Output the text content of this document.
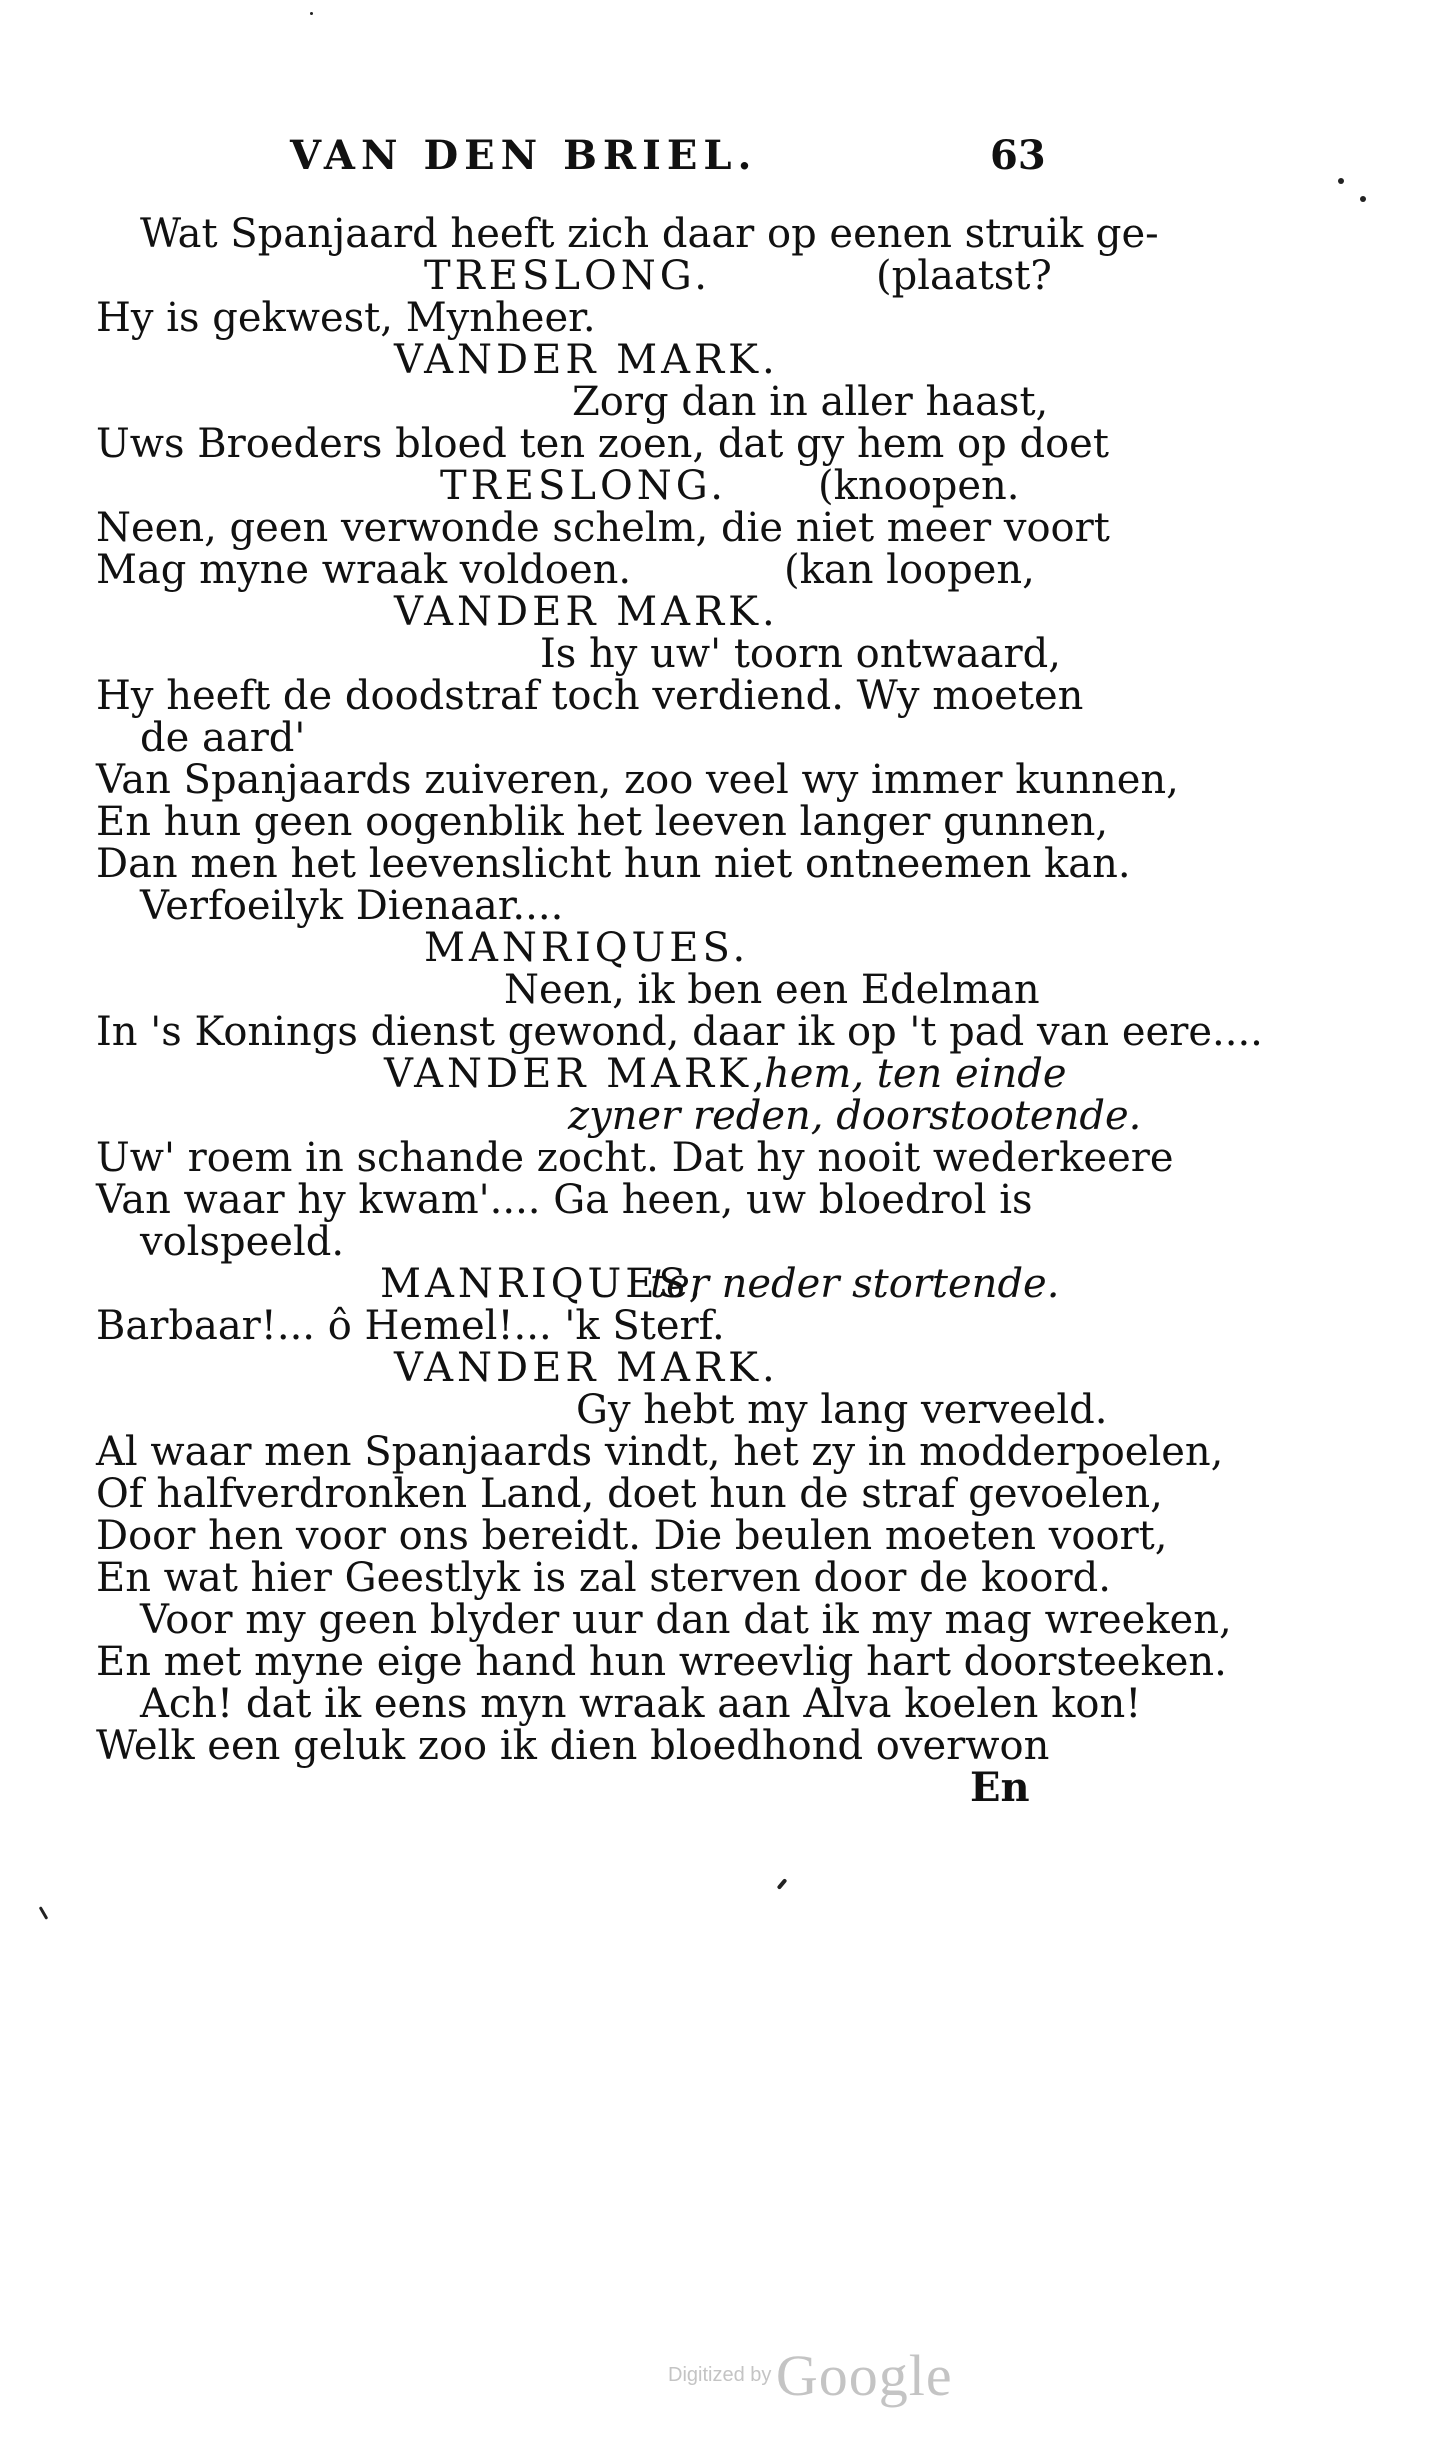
VAN DEN BRIEL.	63
Wat Spanjaard heeft zich daar op eenen struik ge-
TRESLONG.	(plaatst?
Hy is gekwest, Mynheer.
VANDER MARK.
Zorg dan in aller haast,
Uws Broeders bloed ten zoen, dat gy hem op doet
TRESLONG. (knoopen.
Neen, geen verwonde schelm, die niet meer voort
Mag myne wraak voldoen.	(kan loopen,
VANDER MARK.
Is hy uw' toorn ontwaard,
Hy heeft de doodstraf toch verdiend. Wy moeten
de aard'
Van Spanjaards zuiveren, zoo veel wy immer kunnen,
En hun geen oogenblik het leeven langer gunnen,
Dan men het leevenslicht hun niet ontneemen kan.
Verfoeilyk Dienaar....
MANRIQUES.
Neen, ik ben een Edelman
In 's Konings dienst gewond, daar ik op 't pad van eere....
VANDER MARK,
hem, ten einde
zyner reden, doorstootende.
Uw' roem in schande zocht. Dat hy nooit wederkeere
Van waar hy kwam'.... Ga heen, uw bloedrol is
volspeeld.
MANRIQUES,
ter neder stortende.
Barbaar!... ô Hemel!... 'k Sterf.
VANDER MARK.
Gy hebt my lang verveeld.
Al waar men Spanjaards vindt, het zy in modderpoelen,
Of halfverdronken Land, doet hun de straf gevoelen,
Door hen voor ons bereidt. Die beulen moeten voort,
En wat hier Geestlyk is zal sterven door de koord.
Voor my geen blyder uur dan dat ik my mag wreeken,
En met myne eige hand hun wreevlig hart doorsteeken.
Ach! dat ik eens myn wraak aan Alva koelen kon!
Welk een geluk zoo ik dien bloedhond overwon
En
Digitized by Google
